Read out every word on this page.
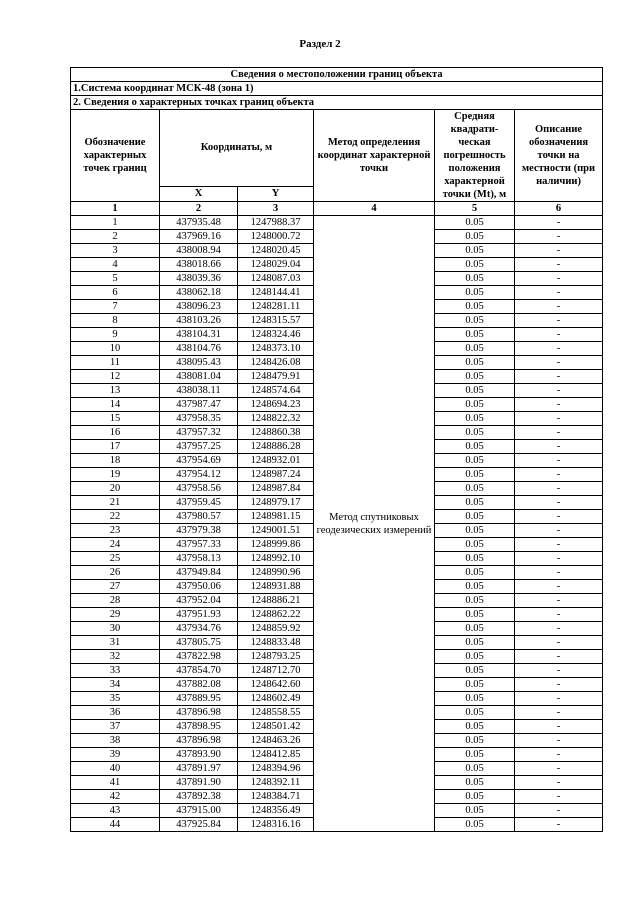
Раздел 2
Сведения о местоположении границ объекта					
1.Система координат МСК-48 (зона 1)					
2. Сведения о характерных точках границ объекта					
Обозначение характерных точек границ	Координаты, м		Метод определения координат характерной точки	Средняя квадрати-ческая погрешность положения характерной точки (Mt), м	Описание обозначения точки на местности (при наличии)
	X	Y			
1	2	3	4	5	6
1	437935.48	1247988.37	Метод спутниковых геодезических измерений	0.05	-
2	437969.16	1248000.72		0.05	-
3	438008.94	1248020.45		0.05	-
4	438018.66	1248029.04		0.05	-
5	438039.36	1248087.03		0.05	-
6	438062.18	1248144.41		0.05	-
7	438096.23	1248281.11		0.05	-
8	438103.26	1248315.57		0.05	-
9	438104.31	1248324.46		0.05	-
10	438104.76	1248373.10		0.05	-
11	438095.43	1248426.08		0.05	-
12	438081.04	1248479.91		0.05	-
13	438038.11	1248574.64		0.05	-
14	437987.47	1248694.23		0.05	-
15	437958.35	1248822.32		0.05	-
16	437957.32	1248860.38		0.05	-
17	437957.25	1248886.28		0.05	-
18	437954.69	1248932.01		0.05	-
19	437954.12	1248987.24		0.05	-
20	437958.56	1248987.84		0.05	-
21	437959.45	1248979.17		0.05	-
22	437980.57	1248981.15		0.05	-
23	437979.38	1249001.51		0.05	-
24	437957.33	1248999.86		0.05	-
25	437958.13	1248992.10		0.05	-
26	437949.84	1248990.96		0.05	-
27	437950.06	1248931.88		0.05	-
28	437952.04	1248886.21		0.05	-
29	437951.93	1248862.22		0.05	-
30	437934.76	1248859.92		0.05	-
31	437805.75	1248833.48		0.05	-
32	437822.98	1248793.25		0.05	-
33	437854.70	1248712.70		0.05	-
34	437882.08	1248642.60		0.05	-
35	437889.95	1248602.49		0.05	-
36	437896.98	1248558.55		0.05	-
37	437898.95	1248501.42		0.05	-
38	437896.98	1248463.26		0.05	-
39	437893.90	1248412.85		0.05	-
40	437891.97	1248394.96		0.05	-
41	437891.90	1248392.11		0.05	-
42	437892.38	1248384.71		0.05	-
43	437915.00	1248356.49		0.05	-
44	437925.84	1248316.16		0.05	-
